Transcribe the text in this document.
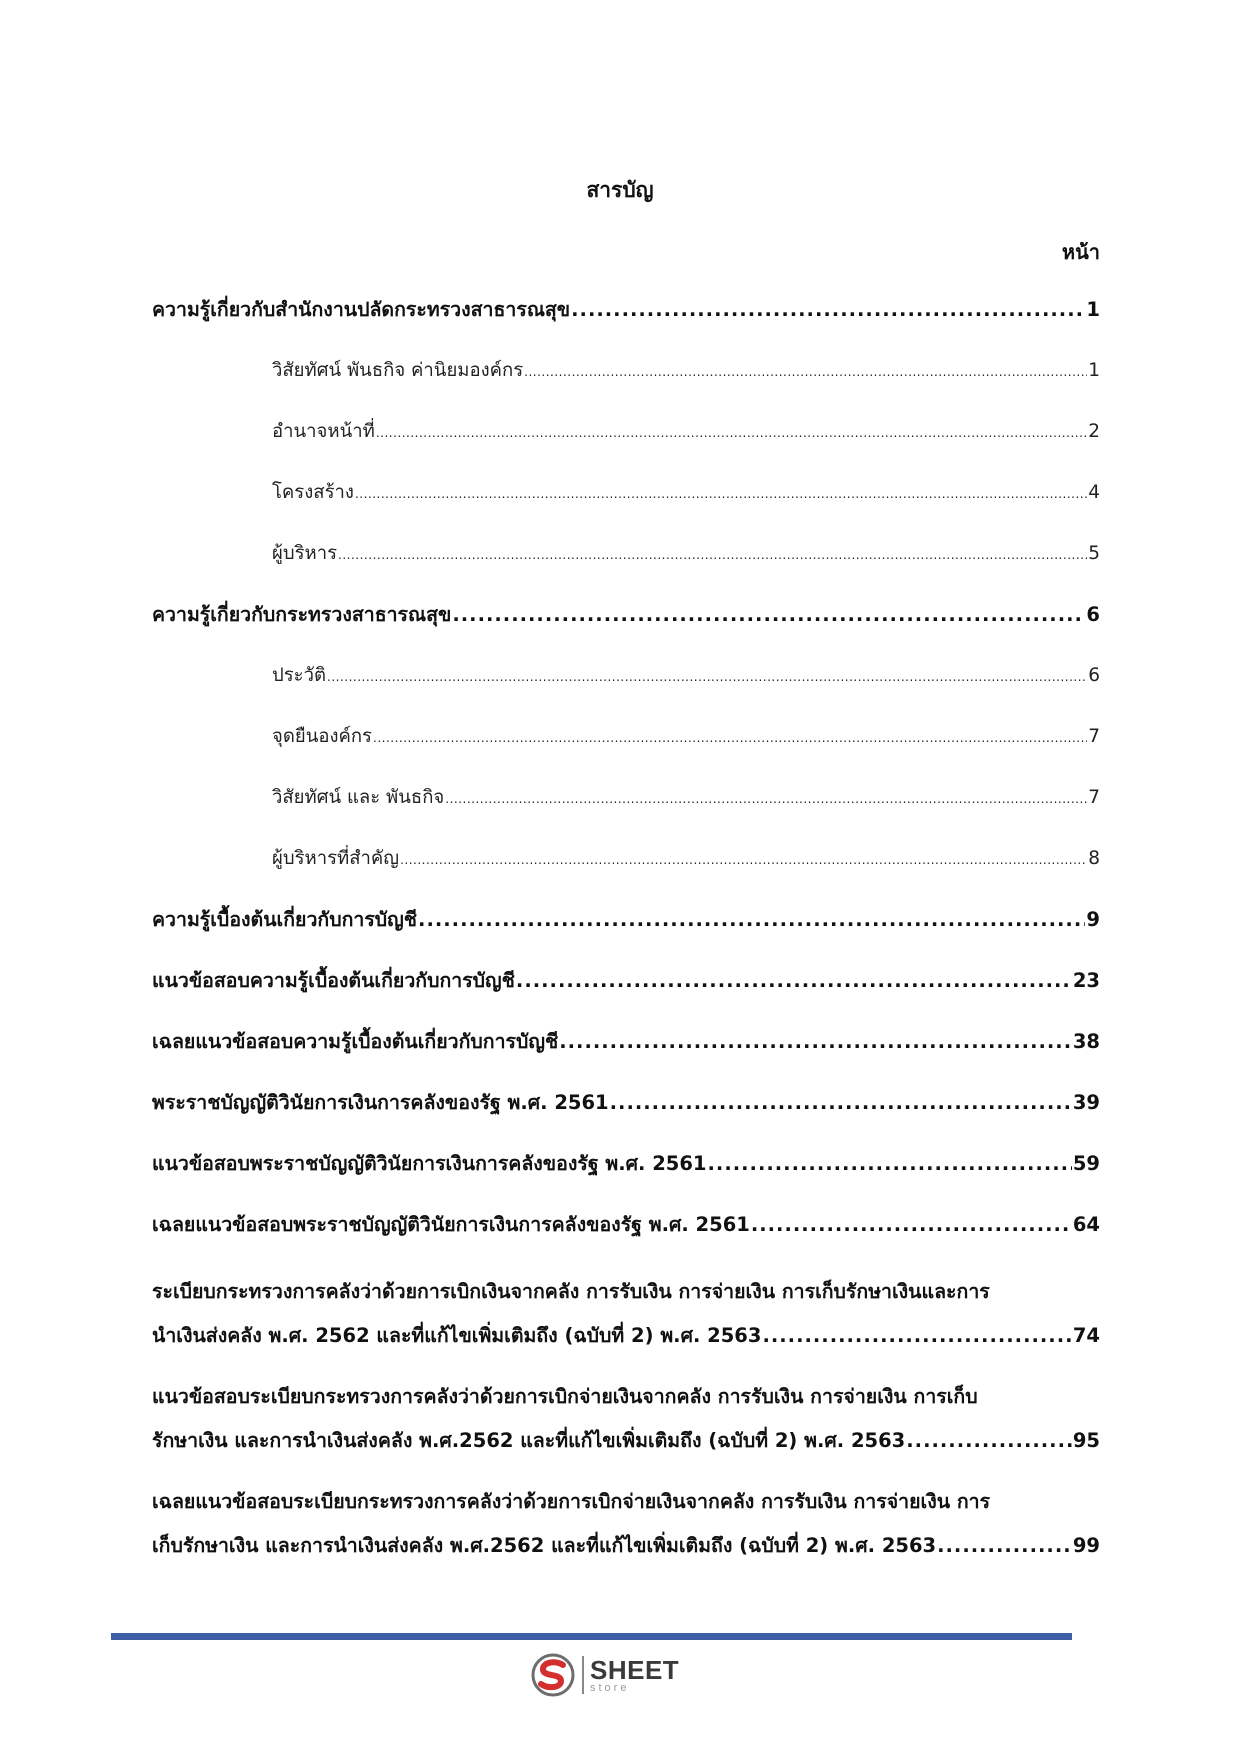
สารบัญ
หน้า
ความรู้เกี่ยวกับสำนักงานปลัดกระทรวงสาธารณสุข .....	1
วิสัยทัศน์ พันธกิจ ค่านิยมองค์กร .....	1
อำนาจหน้าที่ .....	2
โครงสร้าง .....	4
ผู้บริหาร .....	5
ความรู้เกี่ยวกับกระทรวงสาธารณสุข .....	6
ประวัติ .....	6
จุดยืนองค์กร .....	7
วิสัยทัศน์ และ พันธกิจ .....	7
ผู้บริหารที่สำคัญ .....	8
ความรู้เบื้องต้นเกี่ยวกับการบัญชี .....	9
แนวข้อสอบความรู้เบื้องต้นเกี่ยวกับการบัญชี .....	23
เฉลยแนวข้อสอบความรู้เบื้องต้นเกี่ยวกับการบัญชี .....	38
พระราชบัญญัติวินัยการเงินการคลังของรัฐ พ.ศ. 2561 .....	39
แนวข้อสอบพระราชบัญญัติวินัยการเงินการคลังของรัฐ พ.ศ. 2561 .....	59
เฉลยแนวข้อสอบพระราชบัญญัติวินัยการเงินการคลังของรัฐ พ.ศ. 2561 .....	64
ระเบียบกระทรวงการคลังว่าด้วยการเบิกเงินจากคลัง การรับเงิน การจ่ายเงิน การเก็บรักษาเงินและการ
นำเงินส่งคลัง พ.ศ. 2562 และที่แก้ไขเพิ่มเติมถึง (ฉบับที่ 2) พ.ศ. 2563 .....	74
แนวข้อสอบระเบียบกระทรวงการคลังว่าด้วยการเบิกจ่ายเงินจากคลัง การรับเงิน การจ่ายเงิน การเก็บ
รักษาเงิน และการนำเงินส่งคลัง พ.ศ.2562 และที่แก้ไขเพิ่มเติมถึง (ฉบับที่ 2) พ.ศ. 2563 .....	95
เฉลยแนวข้อสอบระเบียบกระทรวงการคลังว่าด้วยการเบิกจ่ายเงินจากคลัง การรับเงิน การจ่ายเงิน การ
เก็บรักษาเงิน และการนำเงินส่งคลัง พ.ศ.2562 และที่แก้ไขเพิ่มเติมถึง (ฉบับที่ 2) พ.ศ. 2563 .....	99
SHEET
store
